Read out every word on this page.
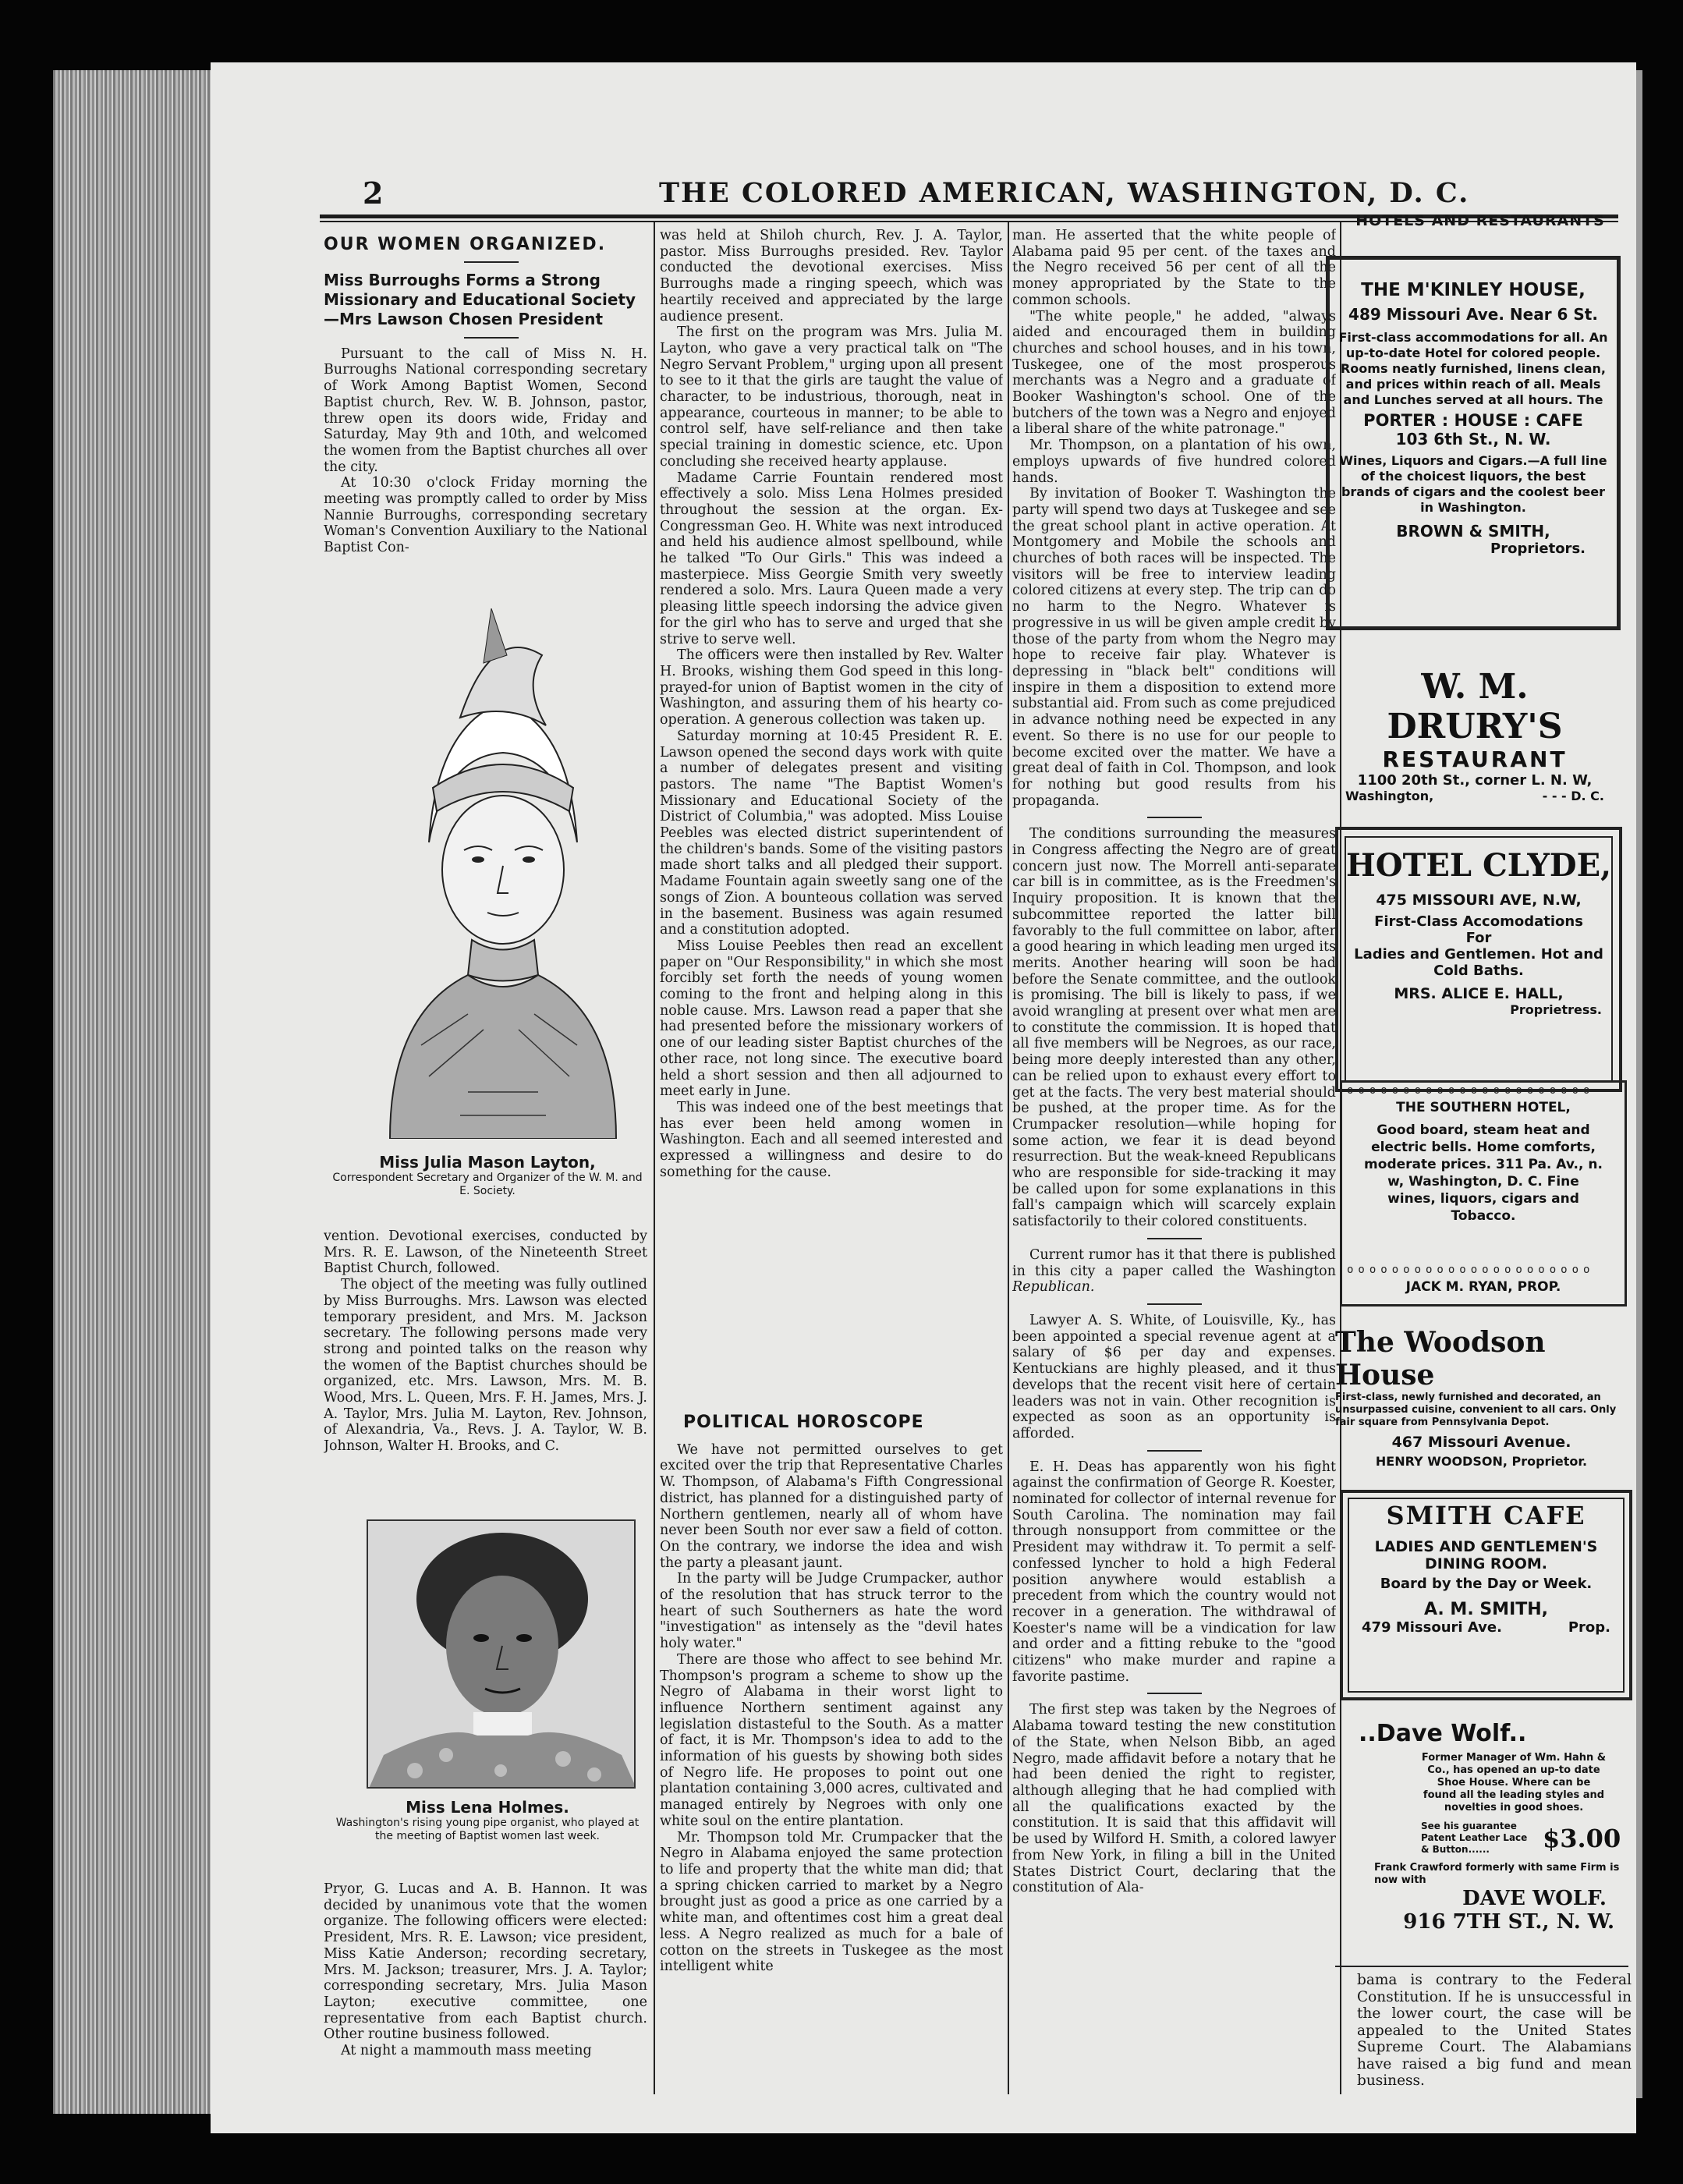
2	THE COLORED AMERICAN, WASHINGTON, D. C.
OUR WOMEN ORGANIZED.
Miss Burroughs Forms a Strong Missionary and Educational Society—Mrs Lawson Chosen President

Pursuant to the call of Miss N. H. Burroughs National corresponding secretary of Work Among Baptist Women, Second Baptist church, Rev. W. B. Johnson, pastor, threw open its doors wide, Friday and Saturday, May 9th and 10th, and welcomed the women from the Baptist churches all over the city.

At 10:30 o'clock Friday morning the meeting was promptly called to order by Miss Nannie Burroughs, corresponding secretary Woman's Convention Auxiliary to the National Baptist Con-

Miss Julia Mason Layton,
Correspondent Secretary and Organizer of the W. M. and E. Society.

vention. Devotional exercises, conducted by Mrs. R. E. Lawson, of the Nineteenth Street Baptist Church, followed.

The object of the meeting was fully outlined by Miss Burroughs. Mrs. Lawson was elected temporary president, and Mrs. M. Jackson secretary. The following persons made very strong and pointed talks on the reason why the women of the Baptist churches should be organized, etc. Mrs. Lawson, Mrs. M. B. Wood, Mrs. L. Queen, Mrs. F. H. James, Mrs. J. A. Taylor, Mrs. Julia M. Layton, Rev. Johnson, of Alexandria, Va., Revs. J. A. Taylor, W. B. Johnson, Walter H. Brooks, and C.

Miss Lena Holmes.
Washington's rising young pipe organist, who played at the meeting of Baptist women last week.

Pryor, G. Lucas and A. B. Hannon. It was decided by unanimous vote that the women organize. The following officers were elected: President, Mrs. R. E. Lawson; vice president, Miss Katie Anderson; recording secretary, Mrs. M. Jackson; treasurer, Mrs. J. A. Taylor; corresponding secretary, Mrs. Julia Mason Layton; executive committee, one representative from each Baptist church. Other routine business followed.

At night a mammouth mass meeting

was held at Shiloh church, Rev. J. A. Taylor, pastor. Miss Burroughs presided. Rev. Taylor conducted the devotional exercises. Miss Burroughs made a ringing speech, which was heartily received and appreciated by the large audience present.

The first on the program was Mrs. Julia M. Layton, who gave a very practical talk on "The Negro Servant Problem," urging upon all present to see to it that the girls are taught the value of character, to be industrious, thorough, neat in appearance, courteous in manner; to be able to control self, have self-reliance and then take special training in domestic science, etc. Upon concluding she received hearty applause.

Madame Carrie Fountain rendered most effectively a solo. Miss Lena Holmes presided throughout the session at the organ. Ex-Congressman Geo. H. White was next introduced and held his audience almost spellbound, while he talked "To Our Girls." This was indeed a masterpiece. Miss Georgie Smith very sweetly rendered a solo. Mrs. Laura Queen made a very pleasing little speech indorsing the advice given for the girl who has to serve and urged that she strive to serve well.

The officers were then installed by Rev. Walter H. Brooks, wishing them God speed in this long-prayed-for union of Baptist women in the city of Washington, and assuring them of his hearty co-operation. A generous collection was taken up.

Saturday morning at 10:45 President R. E. Lawson opened the second days work with quite a number of delegates present and visiting pastors. The name "The Baptist Women's Missionary and Educational Society of the District of Columbia," was adopted. Miss Louise Peebles was elected district superintendent of the children's bands. Some of the visiting pastors made short talks and all pledged their support. Madame Fountain again sweetly sang one of the songs of Zion. A bounteous collation was served in the basement. Business was again resumed and a constitution adopted.

Miss Louise Peebles then read an excellent paper on "Our Responsibility," in which she most forcibly set forth the needs of young women coming to the front and helping along in this noble cause. Mrs. Lawson read a paper that she had presented before the missionary workers of one of our leading sister Baptist churches of the other race, not long since. The executive board held a short session and then all adjourned to meet early in June.

This was indeed one of the best meetings that has ever been held among women in Washington. Each and all seemed interested and expressed a willingness and desire to do something for the cause.

POLITICAL HOROSCOPE

We have not permitted ourselves to get excited over the trip that Representative Charles W. Thompson, of Alabama's Fifth Congressional district, has planned for a distinguished party of Northern gentlemen, nearly all of whom have never been South nor ever saw a field of cotton. On the contrary, we indorse the idea and wish the party a pleasant jaunt.

In the party will be Judge Crumpacker, author of the resolution that has struck terror to the heart of such Southerners as hate the word "investigation" as intensely as the "devil hates holy water."

There are those who affect to see behind Mr. Thompson's program a scheme to show up the Negro of Alabama in their worst light to influence Northern sentiment against any legislation distasteful to the South. As a matter of fact, it is Mr. Thompson's idea to add to the information of his guests by showing both sides of Negro life. He proposes to point out one plantation containing 3,000 acres, cultivated and managed entirely by Negroes with only one white soul on the entire plantation.

Mr. Thompson told Mr. Crumpacker that the Negro in Alabama enjoyed the same protection to life and property that the white man did; that a spring chicken carried to market by a Negro brought just as good a price as one carried by a white man, and oftentimes cost him a great deal less. A Negro realized as much for a bale of cotton on the streets in Tuskegee as the most intelligent white

man. He asserted that the white people of Alabama paid 95 per cent. of the taxes and the Negro received 56 per cent of all the money appropriated by the State to the common schools.

"The white people," he added, "always aided and encouraged them in building churches and school houses, and in his town, Tuskegee, one of the most prosperous merchants was a Negro and a graduate of Booker Washington's school. One of the butchers of the town was a Negro and enjoyed a liberal share of the white patronage."

Mr. Thompson, on a plantation of his own, employs upwards of five hundred colored hands.

By invitation of Booker T. Washington the party will spend two days at Tuskegee and see the great school plant in active operation. At Montgomery and Mobile the schools and churches of both races will be inspected. The visitors will be free to interview leading colored citizens at every step. The trip can do no harm to the Negro. Whatever is progressive in us will be given ample credit by those of the party from whom the Negro may hope to receive fair play. Whatever is depressing in "black belt" conditions will inspire in them a disposition to extend more substantial aid. From such as come prejudiced in advance nothing need be expected in any event. So there is no use for our people to become excited over the matter. We have a great deal of faith in Col. Thompson, and look for nothing but good results from his propaganda.

The conditions surrounding the measures in Congress affecting the Negro are of great concern just now. The Morrell anti-separate car bill is in committee, as is the Freedmen's Inquiry proposition. It is known that the subcommittee reported the latter bill favorably to the full committee on labor, after a good hearing in which leading men urged its merits. Another hearing will soon be had before the Senate committee, and the outlook is promising. The bill is likely to pass, if we avoid wrangling at present over what men are to constitute the commission. It is hoped that all five members will be Negroes, as our race, being more deeply interested than any other, can be relied upon to exhaust every effort to get at the facts. The very best material should be pushed, at the proper time. As for the Crumpacker resolution—while hoping for some action, we fear it is dead beyond resurrection. But the weak-kneed Republicans who are responsible for side-tracking it may be called upon for some explanations in this fall's campaign which will scarcely explain satisfactorily to their colored constituents.

Current rumor has it that there is published in this city a paper called the Washington Republican.

Lawyer A. S. White, of Louisville, Ky., has been appointed a special revenue agent at a salary of $6 per day and expenses. Kentuckians are highly pleased, and it thus develops that the recent visit here of certain leaders was not in vain. Other recognition is expected as soon as an opportunity is afforded.

E. H. Deas has apparently won his fight against the confirmation of George R. Koester, nominated for collector of internal revenue for South Carolina. The nomination may fail through nonsupport from committee or the President may withdraw it. To permit a self-confessed lyncher to hold a high Federal position anywhere would establish a precedent from which the country would not recover in a generation. The withdrawal of Koester's name will be a vindication for law and order and a fitting rebuke to the "good citizens" who make murder and rapine a favorite pastime.

The first step was taken by the Negroes of Alabama toward testing the new constitution of the State, when Nelson Bibb, an aged Negro, made affidavit before a notary that he had been denied the right to register, although alleging that he had complied with all the qualifications exacted by the constitution. It is said that this affidavit will be used by Wilford H. Smith, a colored lawyer from New York, in filing a bill in the United States District Court, declaring that the constitution of Ala-

HOTELS AND RESTAURANTS
THE M'KINLEY HOUSE,
489 Missouri Ave. Near 6 St.
First-class accommodations for all. An up-to-date Hotel for colored people. Rooms neatly furnished, linens clean, and prices within reach of all. Meals and Lunches served at all hours. The
PORTER : HOUSE : CAFE
103 6th St., N. W.
Wines, Liquors and Cigars.—A full line of the choicest liquors, the best brands of cigars and the coolest beer in Washington.
BROWN & SMITH,
Proprietors.
W. M. DRURY'S
RESTAURANT
1100 20th St., corner L. N. W,
Washington,	- - - D. C.
HOTEL CLYDE,
475 MISSOURI AVE, N.W,
First-Class Accomodations
For
Ladies and Gentlemen. Hot and Cold Baths.
MRS. ALICE E. HALL,
Proprietress.
oooooooooooooooooooooo
THE SOUTHERN HOTEL,
Good board, steam heat and electric bells. Home comforts, moderate prices. 311 Pa. Av., n. w, Washington, D. C. Fine wines, liquors, cigars and Tobacco.
oooooooooooooooooooooo
JACK M. RYAN, PROP.
The Woodson House
First-class, newly furnished and decorated, an unsurpassed cuisine, convenient to all cars. Only fair square from Pennsylvania Depot.
467 Missouri Avenue.
HENRY WOODSON, Proprietor.
SMITH CAFE
LADIES AND GENTLEMEN'S
DINING ROOM.
Board by the Day or Week.
A. M. SMITH,
479 Missouri Ave.	Prop.
..Dave Wolf..
Former Manager of Wm. Hahn & Co., has opened an up-to date Shoe House. Where can be found all the leading styles and novelties in good shoes.
See his guarantee Patent Leather Lace & Button......	$3.00
Frank Crawford formerly with same Firm is now with
DAVE WOLF.
916 7TH ST., N. W.

bama is contrary to the Federal Constitution. If he is unsuccessful in the lower court, the case will be appealed to the United States Supreme Court. The Alabamians have raised a big fund and mean business.
